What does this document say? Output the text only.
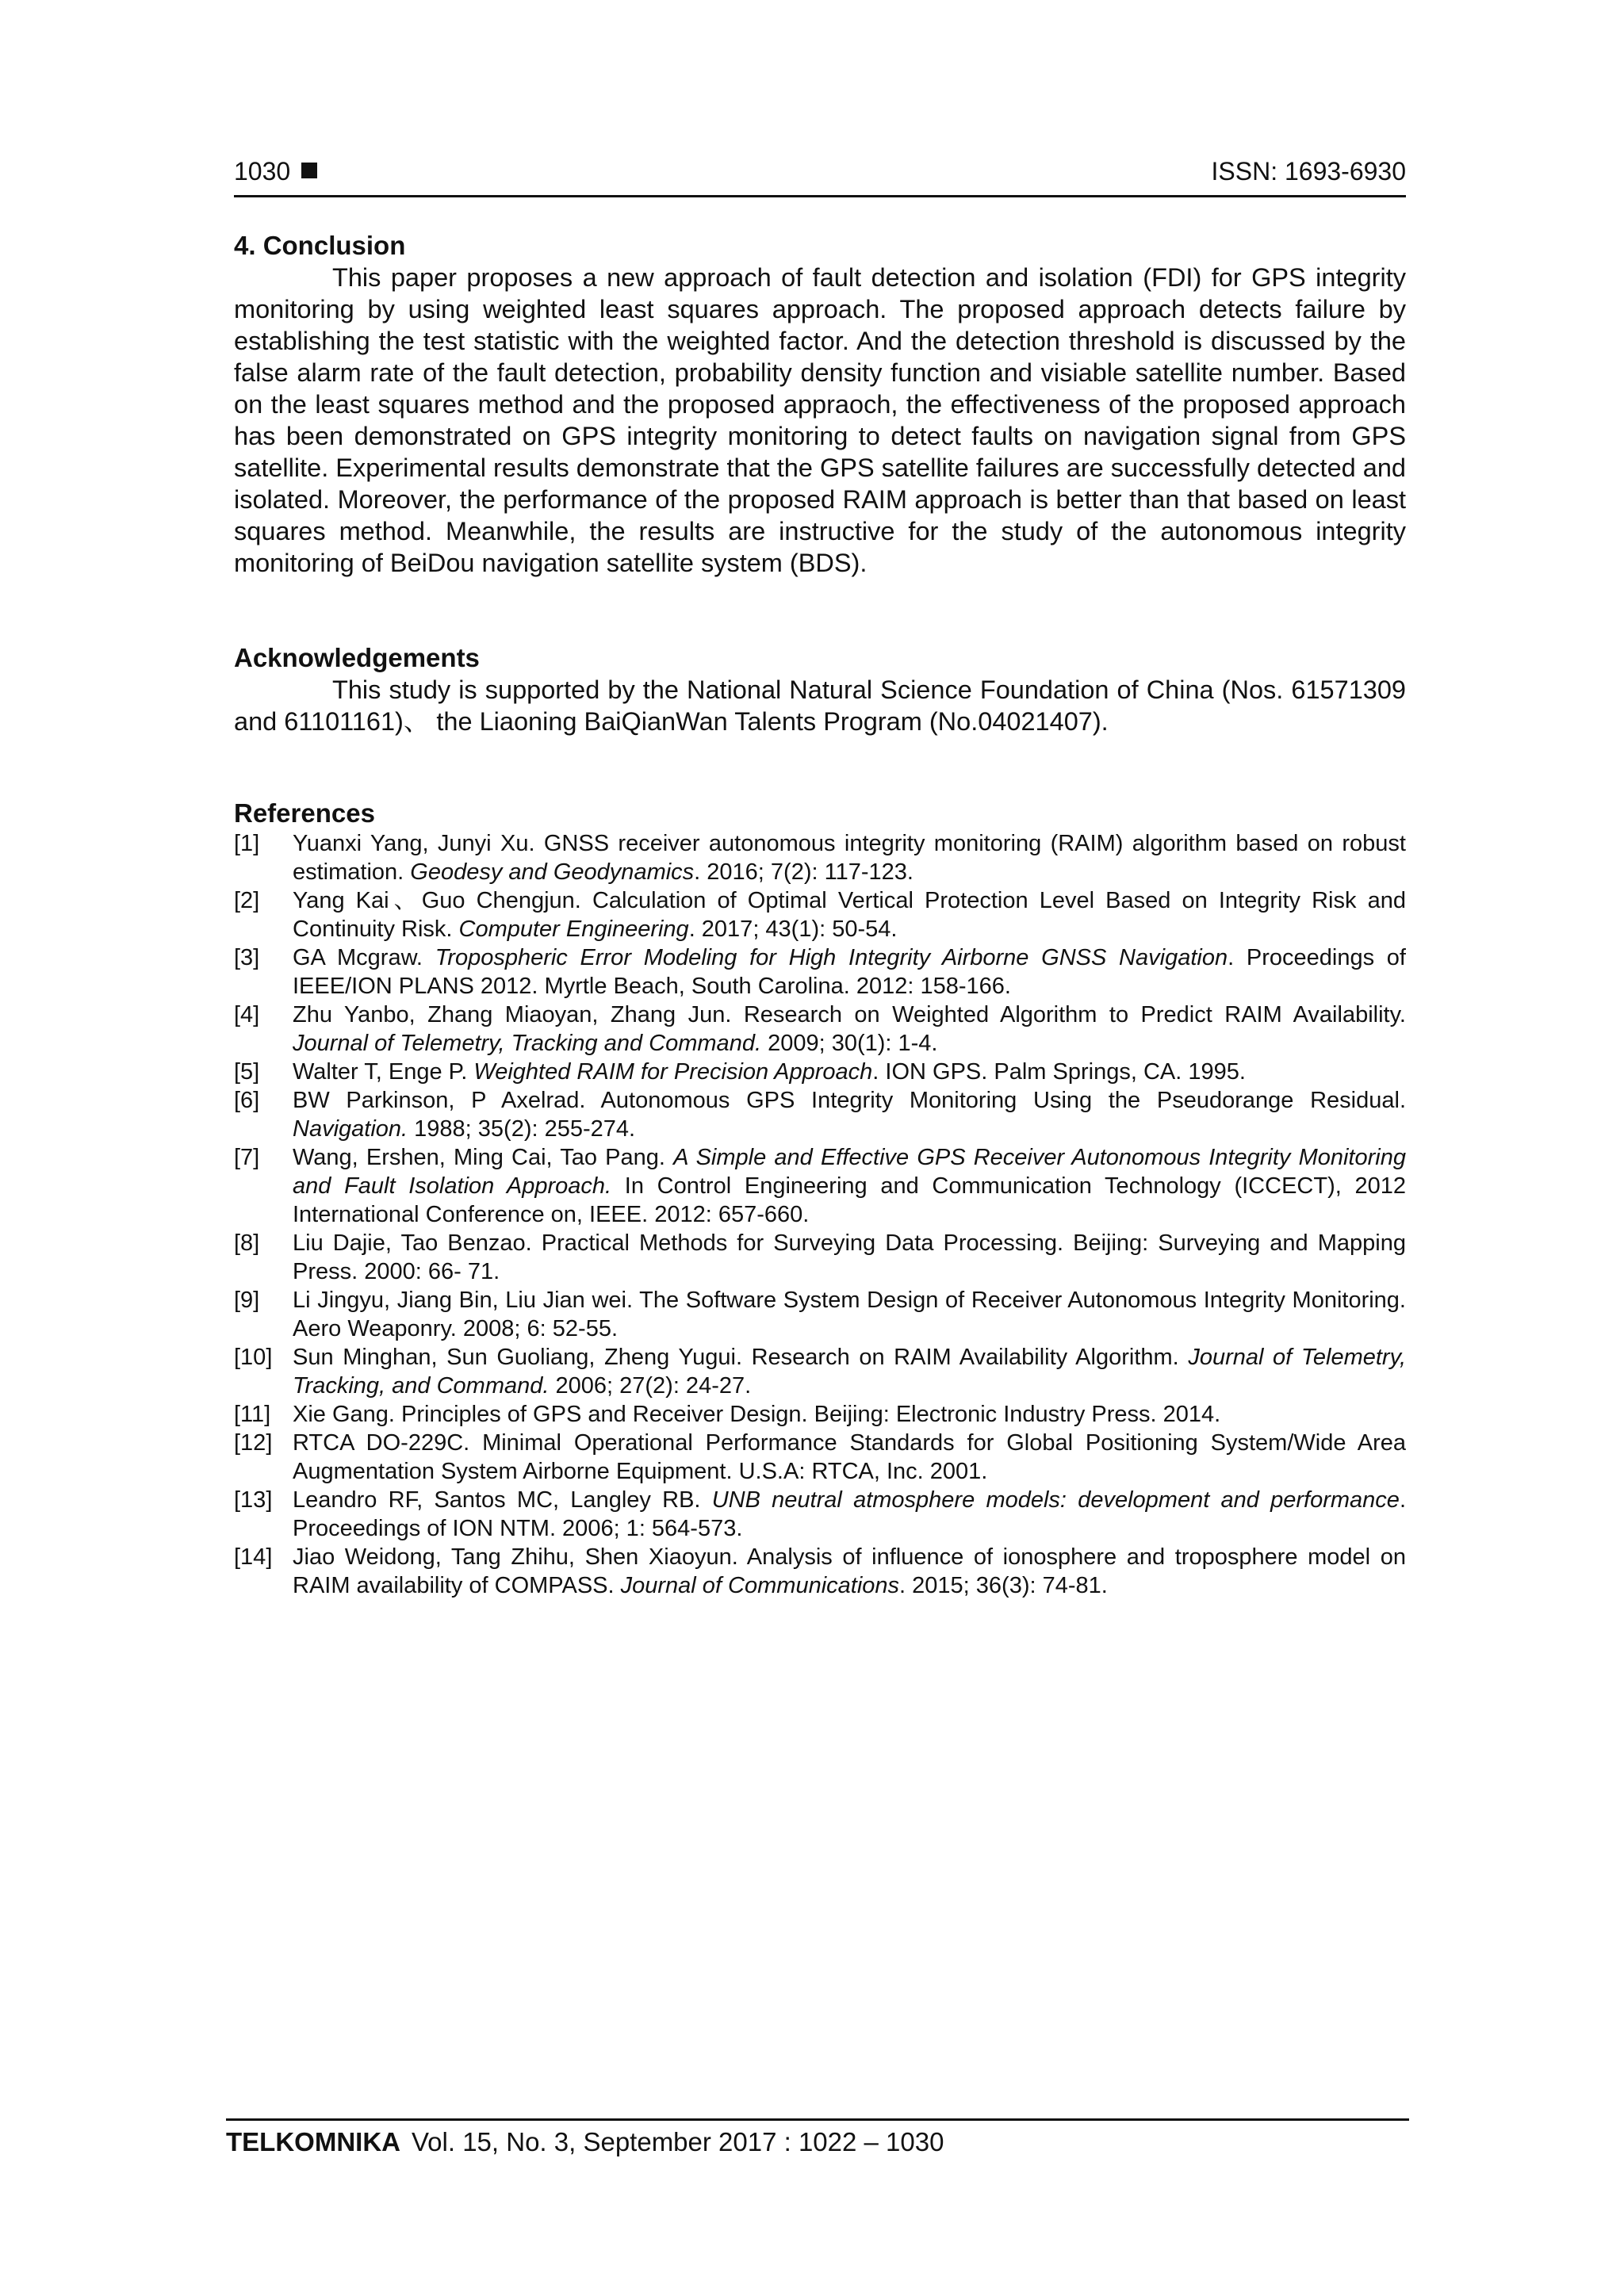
1030	ISSN: 1693-6930
4. Conclusion

This paper proposes a new approach of fault detection and isolation (FDI) for GPS integrity monitoring by using weighted least squares approach. The proposed approach detects failure by establishing the test statistic with the weighted factor. And the detection threshold is discussed by the false alarm rate of the fault detection, probability density function and visiable satellite number. Based on the least squares method and the proposed appraoch, the effectiveness of the proposed approach has been demonstrated on GPS integrity monitoring to detect faults on navigation signal from GPS satellite. Experimental results demonstrate that the GPS satellite failures are successfully detected and isolated. Moreover, the performance of the proposed RAIM approach is better than that based on least squares method. Meanwhile, the results are instructive for the study of the autonomous integrity monitoring of BeiDou navigation satellite system (BDS).

Acknowledgements

This study is supported by the National Natural Science Foundation of China (Nos. 61571309 and 61101161)、 the Liaoning BaiQianWan Talents Program (No.04021407).

References
[1] Yuanxi Yang, Junyi Xu. GNSS receiver autonomous integrity monitoring (RAIM) algorithm based on robust estimation. Geodesy and Geodynamics. 2016; 7(2): 117-123.
[2] Yang Kai、Guo Chengjun. Calculation of Optimal Vertical Protection Level Based on Integrity Risk and Continuity Risk. Computer Engineering. 2017; 43(1): 50-54.
[3] GA Mcgraw. Tropospheric Error Modeling for High Integrity Airborne GNSS Navigation. Proceedings of IEEE/ION PLANS 2012. Myrtle Beach, South Carolina. 2012: 158-166.
[4] Zhu Yanbo, Zhang Miaoyan, Zhang Jun. Research on Weighted Algorithm to Predict RAIM Availability. Journal of Telemetry, Tracking and Command. 2009; 30(1): 1-4.
[5] Walter T, Enge P. Weighted RAIM for Precision Approach. ION GPS. Palm Springs, CA. 1995.
[6] BW Parkinson, P Axelrad. Autonomous GPS Integrity Monitoring Using the Pseudorange Residual. Navigation. 1988; 35(2): 255-274.
[7] Wang, Ershen, Ming Cai, Tao Pang. A Simple and Effective GPS Receiver Autonomous Integrity Monitoring and Fault Isolation Approach. In Control Engineering and Communication Technology (ICCECT), 2012 International Conference on, IEEE. 2012: 657-660.
[8] Liu Dajie, Tao Benzao. Practical Methods for Surveying Data Processing. Beijing: Surveying and Mapping Press. 2000: 66- 71.
[9] Li Jingyu, Jiang Bin, Liu Jian wei. The Software System Design of Receiver Autonomous Integrity Monitoring. Aero Weaponry. 2008; 6: 52-55.
[10] Sun Minghan, Sun Guoliang, Zheng Yugui. Research on RAIM Availability Algorithm. Journal of Telemetry, Tracking, and Command. 2006; 27(2): 24-27.
[11] Xie Gang. Principles of GPS and Receiver Design. Beijing: Electronic Industry Press. 2014.
[12] RTCA DO-229C. Minimal Operational Performance Standards for Global Positioning System/Wide Area Augmentation System Airborne Equipment. U.S.A: RTCA, Inc. 2001.
[13] Leandro RF, Santos MC, Langley RB. UNB neutral atmosphere models: development and performance. Proceedings of ION NTM. 2006; 1: 564-573.
[14] Jiao Weidong, Tang Zhihu, Shen Xiaoyun. Analysis of influence of ionosphere and troposphere model on RAIM availability of COMPASS. Journal of Communications. 2015; 36(3): 74-81.
TELKOMNIKA Vol. 15, No. 3, September 2017 : 1022 – 1030
